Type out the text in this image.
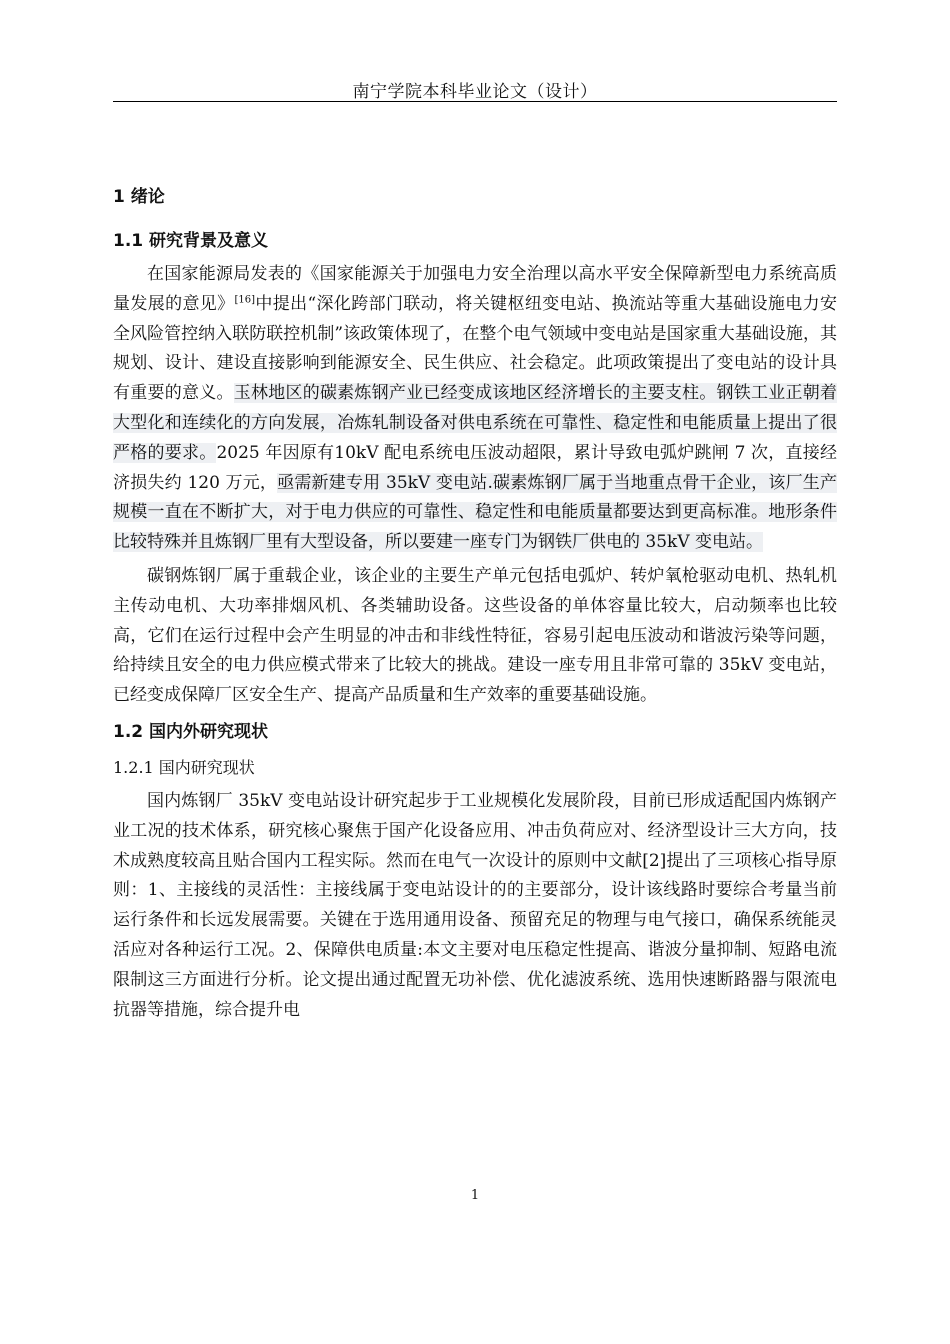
南宁学院本科毕业论文（设计）
1 绪论
1.1 研究背景及意义

在国家能源局发表的《国家能源关于加强电力安全治理以高水平安全保障新型电力系统高质量发展的意见》[16]中提出“深化跨部门联动，将关键枢纽变电站、换流站等重大基础设施电力安全风险管控纳入联防联控机制”该政策体现了，在整个电气领域中变电站是国家重大基础设施，其规划、设计、建设直接影响到能源安全、民生供应、社会稳定。此项政策提出了变电站的设计具有重要的意义。玉林地区的碳素炼钢产业已经变成该地区经济增长的主要支柱。钢铁工业正朝着大型化和连续化的方向发展，冶炼轧制设备对供电系统在可靠性、稳定性和电能质量上提出了很严格的要求。2025 年因原有10kV 配电系统电压波动超限，累计导致电弧炉跳闸 7 次，直接经济损失约 120 万元，亟需新建专用 35kV 变电站.碳素炼钢厂属于当地重点骨干企业，该厂生产规模一直在不断扩大，对于电力供应的可靠性、稳定性和电能质量都要达到更高标准。地形条件比较特殊并且炼钢厂里有大型设备，所以要建一座专门为钢铁厂供电的 35kV 变电站。

碳钢炼钢厂属于重载企业，该企业的主要生产单元包括电弧炉、转炉氧枪驱动电机、热轧机主传动电机、大功率排烟风机、各类辅助设备。这些设备的单体容量比较大，启动频率也比较高，它们在运行过程中会产生明显的冲击和非线性特征，容易引起电压波动和谐波污染等问题，给持续且安全的电力供应模式带来了比较大的挑战。建设一座专用且非常可靠的 35kV 变电站，已经变成保障厂区安全生产、提高产品质量和生产效率的重要基础设施。

1.2 国内外研究现状
1.2.1 国内研究现状

国内炼钢厂 35kV 变电站设计研究起步于工业规模化发展阶段，目前已形成适配国内炼钢产业工况的技术体系，研究核心聚焦于国产化设备应用、冲击负荷应对、经济型设计三大方向，技术成熟度较高且贴合国内工程实际。然而在电气一次设计的原则中文献[2]提出了三项核心指导原则：1、主接线的灵活性：主接线属于变电站设计的的主要部分，设计该线路时要综合考量当前运行条件和长远发展需要。关键在于选用通用设备、预留充足的物理与电气接口，确保系统能灵活应对各种运行工况。2、保障供电质量:本文主要对电压稳定性提高、谐波分量抑制、短路电流限制这三方面进行分析。论文提出通过配置无功补偿、优化滤波系统、选用快速断路器与限流电抗器等措施，综合提升电

1
